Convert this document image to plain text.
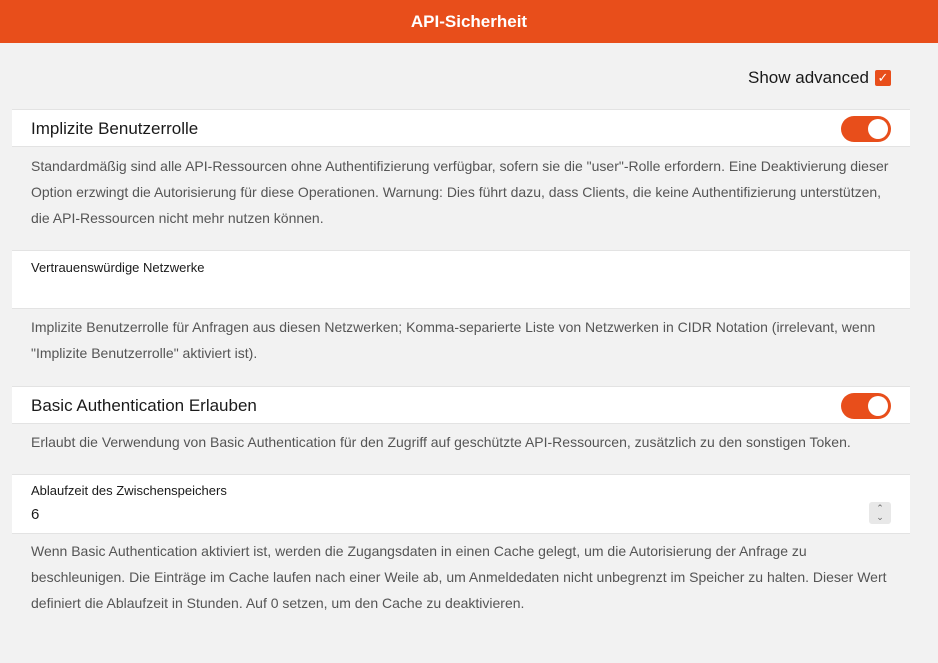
API-Sicherheit
Show advanced ✓
Implizite Benutzerrolle
Standardmäßig sind alle API-Ressourcen ohne Authentifizierung verfügbar, sofern sie die "user"-Rolle erfordern. Eine Deaktivierung dieser Option erzwingt die Autorisierung für diese Operationen. Warnung: Dies führt dazu, dass Clients, die keine Authentifizierung unterstützen, die API-Ressourcen nicht mehr nutzen können.
Vertrauenswürdige Netzwerke
Implizite Benutzerrolle für Anfragen aus diesen Netzwerken; Komma-separierte Liste von Netzwerken in CIDR Notation (irrelevant, wenn "Implizite Benutzerrolle" aktiviert ist).
Basic Authentication Erlauben
Erlaubt die Verwendung von Basic Authentication für den Zugriff auf geschützte API-Ressourcen, zusätzlich zu den sonstigen Token.
Ablaufzeit des Zwischenspeichers
6	⌃
⌄
Wenn Basic Authentication aktiviert ist, werden die Zugangsdaten in einen Cache gelegt, um die Autorisierung der Anfrage zu beschleunigen. Die Einträge im Cache laufen nach einer Weile ab, um Anmeldedaten nicht unbegrenzt im Speicher zu halten. Dieser Wert definiert die Ablaufzeit in Stunden. Auf 0 setzen, um den Cache zu deaktivieren.
